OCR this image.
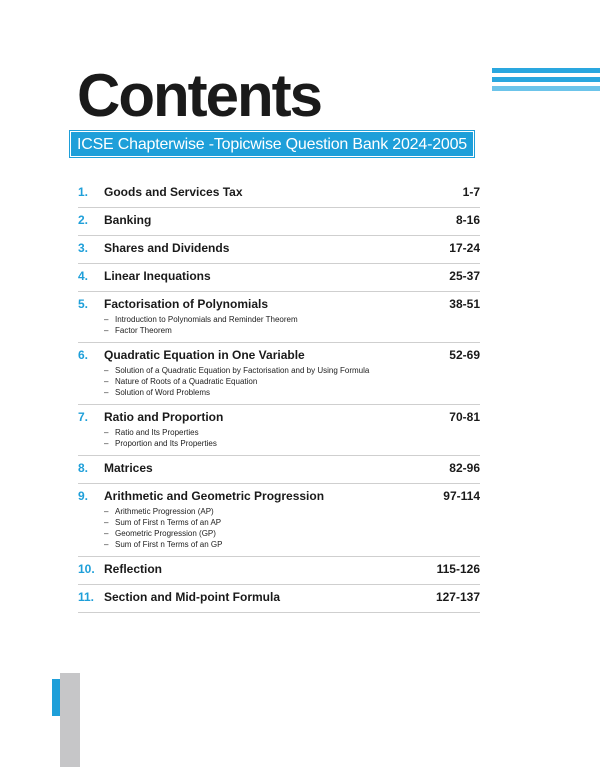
Contents
ICSE Chapterwise -Topicwise Question Bank 2024-2005
1.	Goods and Services Tax	1-7
2.	Banking	8-16
3.	Shares and Dividends	17-24
4.	Linear Inequations	25-37
5.	Factorisation of Polynomials	38-51
– Introduction to Polynomials and Reminder Theorem
– Factor Theorem
6.	Quadratic Equation in One Variable	52-69
– Solution of a Quadratic Equation by Factorisation and by Using Formula
– Nature of Roots of a Quadratic Equation
– Solution of Word Problems
7.	Ratio and Proportion	70-81
– Ratio and Its Properties
– Proportion and Its Properties
8.	Matrices	82-96
9.	Arithmetic and Geometric Progression	97-114
– Arithmetic Progression (AP)
– Sum of First n Terms of an AP
– Geometric Progression (GP)
– Sum of First n Terms of an GP
10. Reflection	115-126
11. Section and Mid-point Formula	127-137
